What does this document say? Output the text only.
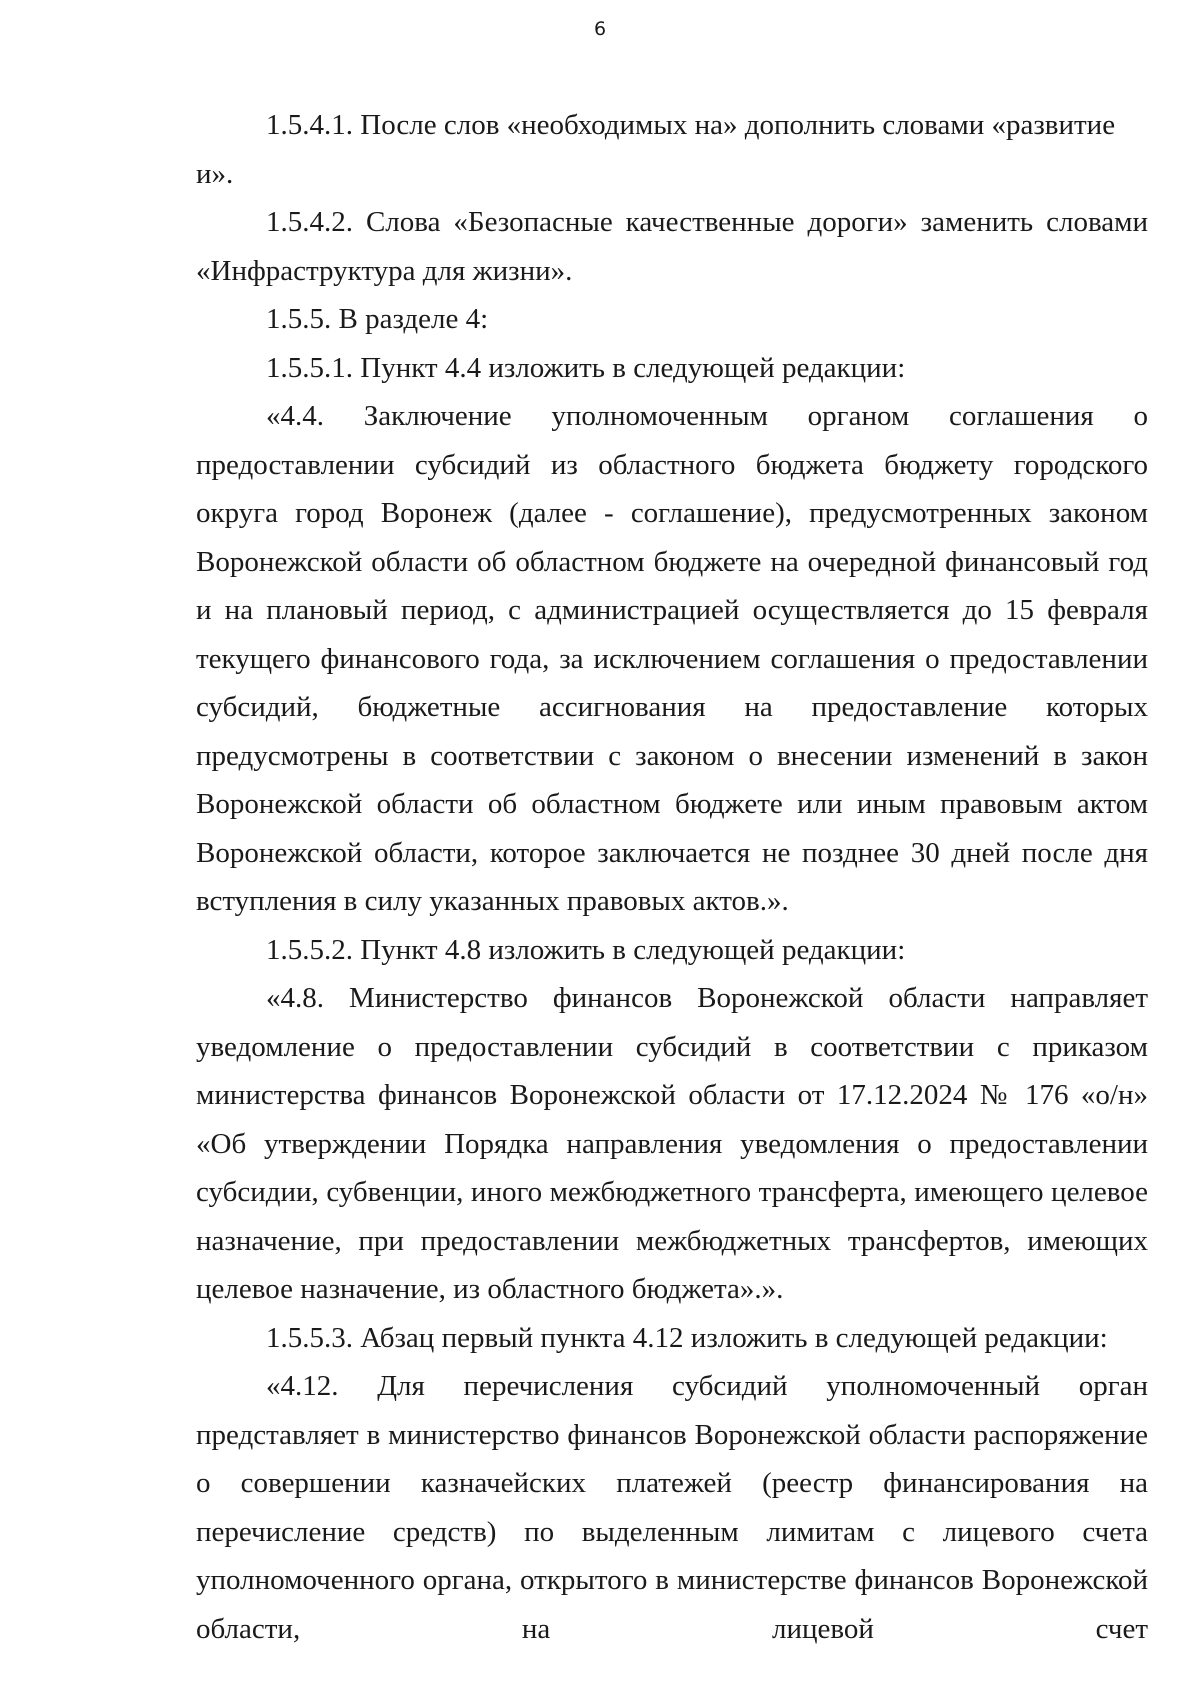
6

1.5.4.1. После слов «необходимых на» дополнить словами «развитие и».

1.5.4.2. Слова «Безопасные качественные дороги» заменить словами «Инфраструктура для жизни».

1.5.5. В разделе 4:

1.5.5.1. Пункт 4.4 изложить в следующей редакции:

«4.4. Заключение уполномоченным органом соглашения о предоставлении субсидий из областного бюджета бюджету городского округа город Воронеж (далее - соглашение), предусмотренных законом Воронежской области об областном бюджете на очередной финансовый год и на плановый период, с администрацией осуществляется до 15 февраля текущего финансового года, за исключением соглашения о предоставлении субсидий, бюджетные ассигнования на предоставление которых предусмотрены в соответствии с законом о внесении изменений в закон Воронежской области об областном бюджете или иным правовым актом Воронежской области, которое заключается не позднее 30 дней после дня вступления в силу указанных правовых актов.».

1.5.5.2. Пункт 4.8 изложить в следующей редакции:

«4.8. Министерство финансов Воронежской области направляет уведомление о предоставлении субсидий в соответствии с приказом министерства финансов Воронежской области от 17.12.2024 № 176 «о/н» «Об утверждении Порядка направления уведомления о предоставлении субсидии, субвенции, иного межбюджетного трансферта, имеющего целевое назначение, при предоставлении межбюджетных трансфертов, имеющих целевое назначение, из областного бюджета».».

1.5.5.3. Абзац первый пункта 4.12 изложить в следующей редакции:

«4.12. Для перечисления субсидий уполномоченный орган представляет в министерство финансов Воронежской области распоряжение о совершении казначейских платежей (реестр финансирования на перечисление средств) по выделенным лимитам с лицевого счета уполномоченного органа, открытого в министерстве финансов Воронежской области, на лицевой счет
